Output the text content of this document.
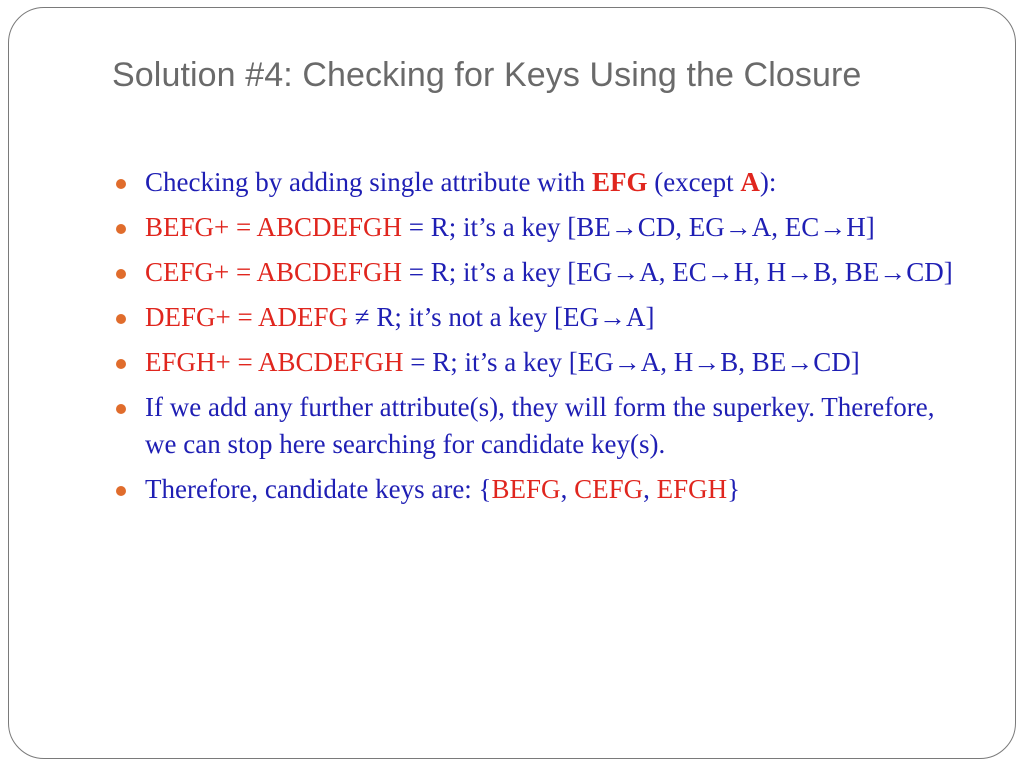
Solution #4: Checking for Keys Using the Closure
Checking by adding single attribute with EFG (except A):
BEFG+ = ABCDEFGH = R; it’s a key [BE→CD, EG→A, EC→H]
CEFG+ = ABCDEFGH = R; it’s a key [EG→A, EC→H, H→B, BE→CD]
DEFG+ = ADEFG ≠ R; it’s not a key [EG→A]
EFGH+ = ABCDEFGH = R; it’s a key [EG→A, H→B, BE→CD]
If we add any further attribute(s), they will form the superkey. Therefore, we can stop here searching for candidate key(s).
Therefore, candidate keys are: {BEFG, CEFG, EFGH}
